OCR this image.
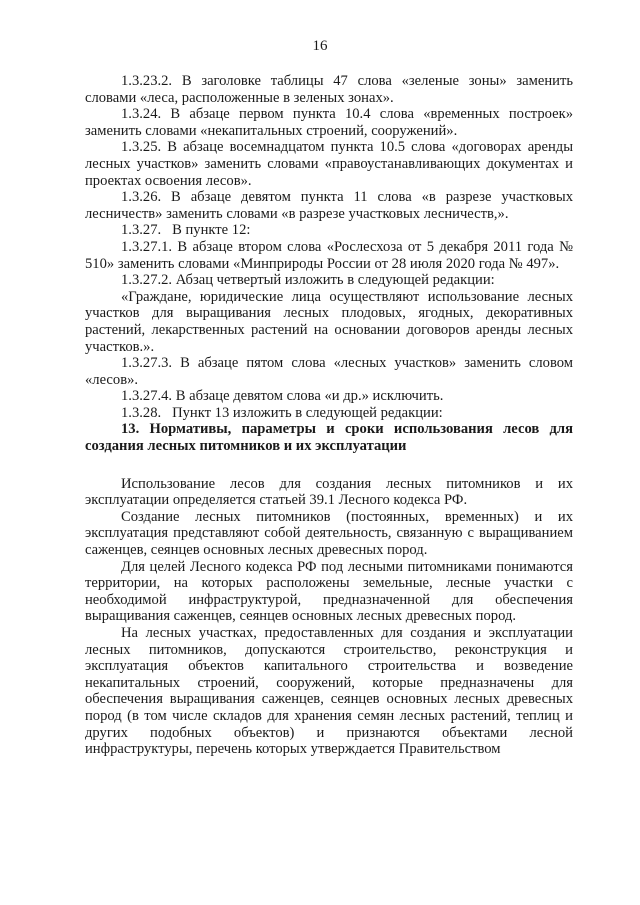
16

1.3.23.2. В заголовке таблицы 47 слова «зеленые зоны» заменить словами «леса, расположенные в зеленых зонах».

1.3.24. В абзаце первом пункта 10.4 слова «временных построек» заменить словами «некапитальных строений, сооружений».

1.3.25. В абзаце восемнадцатом пункта 10.5 слова «договорах аренды лесных участков» заменить словами «правоустанавливающих документах и проектах освоения лесов».

1.3.26. В абзаце девятом пункта 11 слова «в разрезе участковых лесничеств» заменить словами «в разрезе участковых лесничеств,».

1.3.27.   В пункте 12:

1.3.27.1. В абзаце втором слова «Рослесхоза от 5 декабря 2011 года № 510» заменить словами «Минприроды России от 28 июля 2020 года № 497».

1.3.27.2. Абзац четвертый изложить в следующей редакции:

«Граждане, юридические лица осуществляют использование лесных участков для выращивания лесных плодовых, ягодных, декоративных растений, лекарственных растений на основании договоров аренды лесных участков.».

1.3.27.3. В абзаце пятом слова «лесных участков» заменить словом «лесов».

1.3.27.4. В абзаце девятом слова «и др.» исключить.

1.3.28.   Пункт 13 изложить в следующей редакции:

13. Нормативы, параметры и сроки использования лесов для создания лесных питомников и их эксплуатации

Использование лесов для создания лесных питомников и их эксплуатации определяется статьей 39.1 Лесного кодекса РФ.

Создание лесных питомников (постоянных, временных) и их эксплуатация представляют собой деятельность, связанную с выращиванием саженцев, сеянцев основных лесных древесных пород.

Для целей Лесного кодекса РФ под лесными питомниками понимаются территории, на которых расположены земельные, лесные участки с необходимой инфраструктурой, предназначенной для обеспечения выращивания саженцев, сеянцев основных лесных древесных пород.

На лесных участках, предоставленных для создания и эксплуатации лесных питомников, допускаются строительство, реконструкция и эксплуатация объектов капитального строительства и возведение некапитальных строений, сооружений, которые предназначены для обеспечения выращивания саженцев, сеянцев основных лесных древесных пород (в том числе складов для хранения семян лесных растений, теплиц и других подобных объектов) и признаются объектами лесной инфраструктуры, перечень которых утверждается Правительством
